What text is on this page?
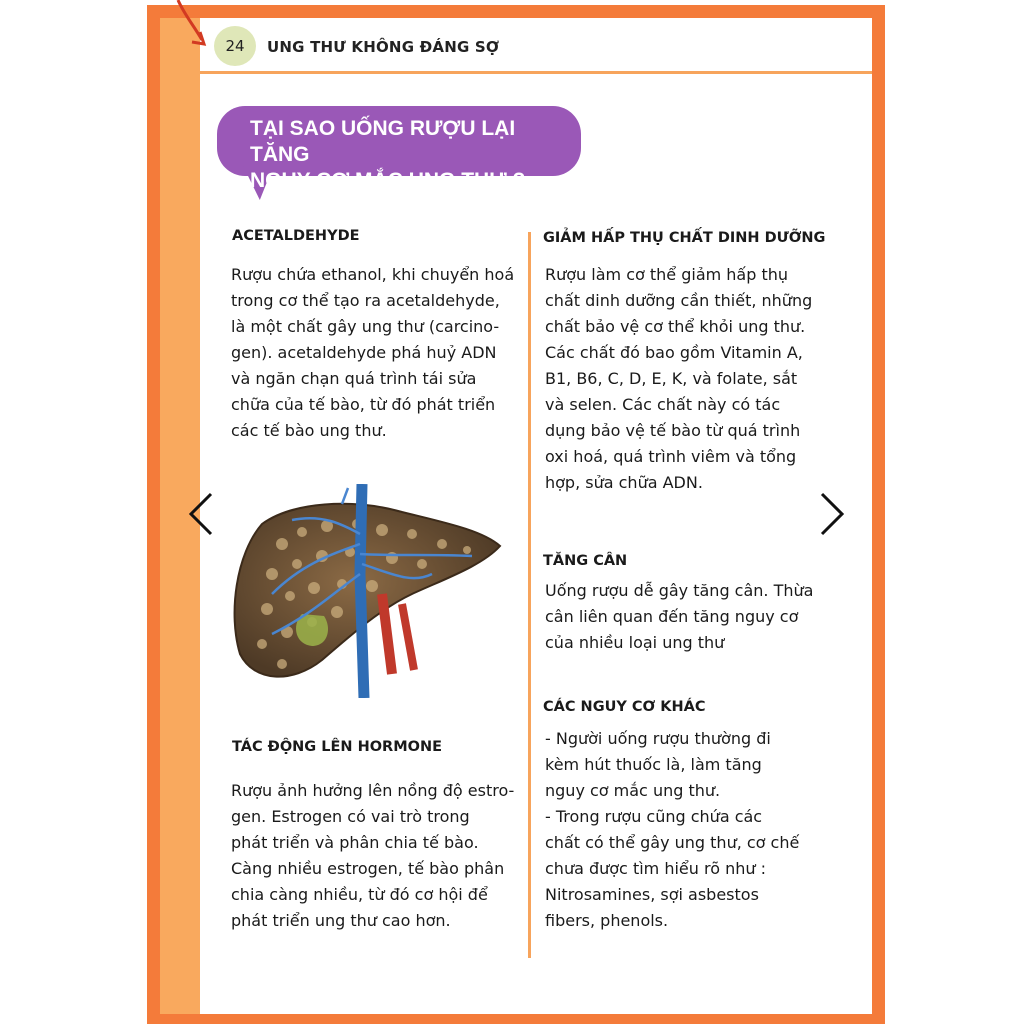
24	UNG THƯ KHÔNG ĐÁNG SỢ
TẠI SAO UỐNG RƯỢU LẠI TĂNG
NGUY CƠ MẮC UNG THƯ ?
ACETALDEHYDE
Rượu chứa ethanol, khi chuyển hoá
trong cơ thể tạo ra acetaldehyde,
là một chất gây ung thư (carcino-
gen). acetaldehyde phá huỷ ADN
và ngăn chạn quá trình tái sửa
chữa của tế bào, từ đó phát triển
các tế bào ung thư.
TÁC ĐỘNG LÊN HORMONE
Rượu ảnh hưởng lên nồng độ estro-
gen. Estrogen có vai trò trong
phát triển và phân chia tế bào.
Càng nhiều estrogen, tế bào phân
chia càng nhiều, từ đó cơ hội để
phát triển ung thư cao hơn.
GIẢM HẤP THỤ CHẤT DINH DƯỠNG
Rượu làm cơ thể giảm hấp thụ
chất dinh dưỡng cần thiết, những
chất bảo vệ cơ thể khỏi ung thư.
Các chất đó bao gồm Vitamin A,
B1, B6, C, D, E, K, và folate, sắt
và selen. Các chất này có tác
dụng bảo vệ tế bào từ quá trình
oxi hoá, quá trình viêm và tổng
hợp, sửa chữa ADN.
TĂNG CÂN
Uống rượu dễ gây tăng cân. Thừa
cân liên quan đến tăng nguy cơ
của nhiều loại ung thư
CÁC NGUY CƠ KHÁC
- Người uống rượu thường đi
kèm hút thuốc là, làm tăng
nguy cơ mắc ung thư.
- Trong rượu cũng chứa các
chất có thể gây ung thư, cơ chế
chưa được tìm hiểu rõ như :
Nitrosamines, sợi asbestos
fibers, phenols.
